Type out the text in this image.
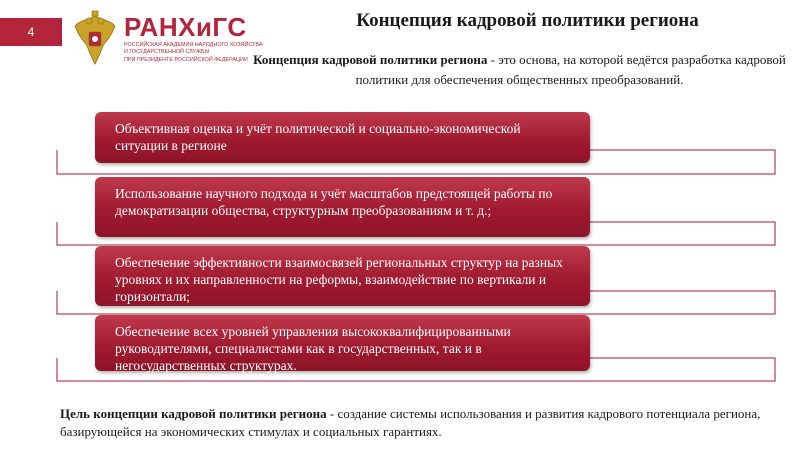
4	РАНХиГС
РОССИЙСКАЯ АКАДЕМИЯ НАРОДНОГО ХОЗЯЙСТВА
И ГОСУДАРСТВЕННОЙ СЛУЖБЫ
ПРИ ПРЕЗИДЕНТЕ РОССИЙСКОЙ ФЕДЕРАЦИИ
Концепция кадровой политики региона
Концепция кадровой политики региона - это основа, на которой ведётся разработка кадровой политики для обеспечения общественных преобразований.
Объективная оценка и учёт политической и социально-экономической ситуации в регионе
Использование научного подхода и учёт масштабов предстоящей работы по демократизации общества, структурным преобразованиям и т. д.;
Обеспечение эффективности взаимосвязей региональных структур на разных уровнях и их направленности на реформы, взаимодействие по вертикали и горизонтали;
Обеспечение всех уровней управления высококвалифицированными руководителями, специалистами как в государственных, так и в негосударственных структурах.
Цель концепции кадровой политики региона - создание системы использования и развития кадрового потенциала региона, базирующейся на экономических стимулах и социальных гарантиях.
